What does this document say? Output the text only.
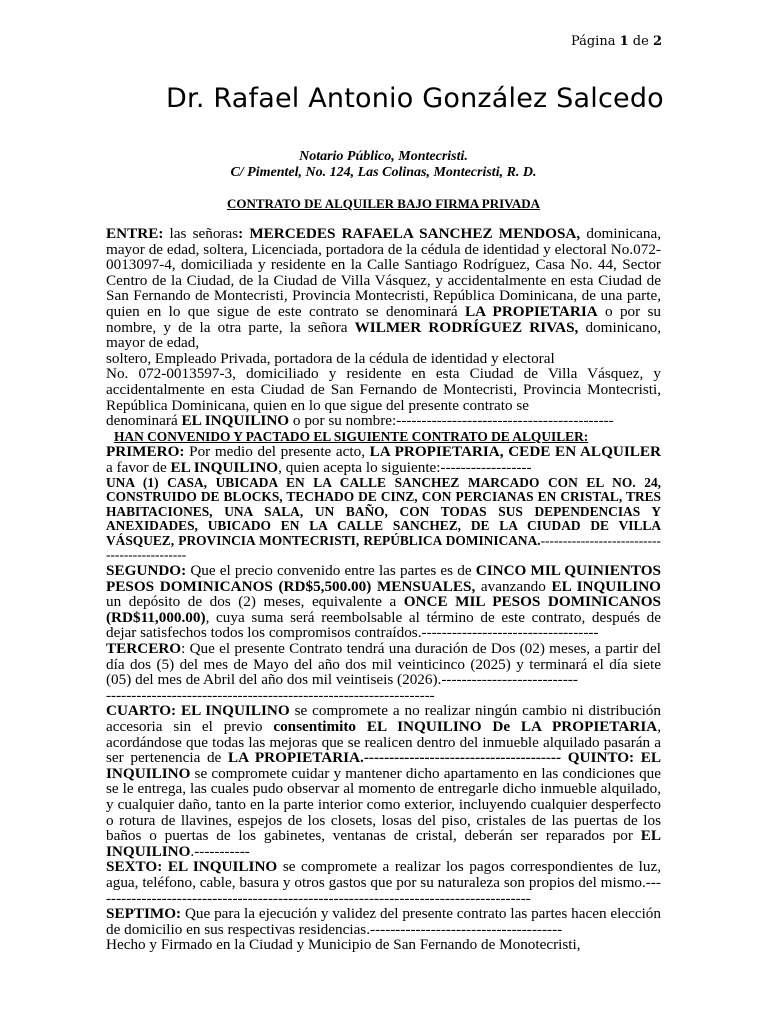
Página 1 de 2
Dr. Rafael Antonio González Salcedo
Notario Público, Montecristi.
C/ Pimentel, No. 124, Las Colinas, Montecristi, R. D.
CONTRATO DE ALQUILER BAJO FIRMA PRIVADA

ENTRE: las señoras: MERCEDES RAFAELA SANCHEZ MENDOSA, dominicana, mayor de edad, soltera, Licenciada, portadora de la cédula de identidad y electoral No.072-0013097-4, domiciliada y residente en la Calle Santiago Rodríguez, Casa No. 44, Sector Centro de la Ciudad, de la Ciudad de Villa Vásquez, y accidentalmente en esta Ciudad de San Fernando de Montecristi, Provincia Montecristi, República Dominicana, de una parte, quien en lo que sigue de este contrato se denominará LA PROPIETARIA o por su nombre, y de la otra parte, la señora WILMER RODRÍGUEZ RIVAS, dominicano, mayor de edad,

soltero, Empleado Privada, portadora de la cédula de identidad y electoral

No. 072-0013597-3, domiciliado y residente en esta Ciudad de Villa Vásquez, y accidentalmente en esta Ciudad de San Fernando de Montecristi, Provincia Montecristi, República Dominicana, quien en lo que sigue del presente contrato se

denominará EL INQUILINO o por su nombre:-------------------------------------------

HAN CONVENIDO Y PACTADO EL SIGUIENTE CONTRATO DE ALQUILER:

PRIMERO: Por medio del presente acto, LA PROPIETARIA, CEDE EN ALQUILER a favor de EL INQUILINO, quien acepta lo siguiente:------------------

UNA (1) CASA, UBICADA EN LA CALLE SANCHEZ MARCADO CON EL NO. 24, CONSTRUIDO DE BLOCKS, TECHADO DE CINZ, CON PERCIANAS EN CRISTAL, TRES HABITACIONES, UNA SALA, UN BAÑO, CON TODAS SUS DEPENDENCIAS Y ANEXIDADES, UBICADO EN LA CALLE SANCHEZ, DE LA CIUDAD DE VILLA VÁSQUEZ, PROVINCIA MONTECRISTI, REPÚBLICA DOMINICANA.---------------------------------------------

SEGUNDO: Que el precio convenido entre las partes es de CINCO MIL QUINIENTOS PESOS DOMINICANOS (RD$5,500.00) MENSUALES, avanzando EL INQUILINO un depósito de dos (2) meses, equivalente a ONCE MIL PESOS DOMINICANOS (RD$11,000.00), cuya suma será reembolsable al término de este contrato, después de dejar satisfechos todos los compromisos contraídos.-----------------------------------

TERCERO: Que el presente Contrato tendrá una duración de Dos (02) meses, a partir del día dos (5) del mes de Mayo del año dos mil veinticinco (2025) y terminará el día siete (05) del mes de Abril del año dos mil veintiseis (2026).---------------------------

-----------------------------------------------------------------

CUARTO: EL INQUILINO se compromete a no realizar ningún cambio ni distribución accesoria sin el previo consentimito EL INQUILINO De LA PROPIETARIA, acordándose que todas las mejoras que se realicen dentro del inmueble alquilado pasarán a ser pertenencia de LA PROPIETARIA.--------------------------------------- QUINTO: EL INQUILINO se compromete cuidar y mantener dicho apartamento en las condiciones que se le entrega, las cuales pudo observar al momento de entregarle dicho inmueble alquilado, y cualquier daño, tanto en la parte interior como exterior, incluyendo cualquier desperfecto o rotura de llavines, espejos de los closets, losas del piso, cristales de las puertas de los baños o puertas de los gabinetes, ventanas de cristal, deberán ser reparados por EL INQUILINO.-----------

SEXTO: EL INQUILINO se compromete a realizar los pagos correspondientes de luz, agua, teléfono, cable, basura y otros gastos que por su naturaleza son propios del mismo.---------------------------------------------------------------------------------------

SEPTIMO: Que para la ejecución y validez del presente contrato las partes hacen elección de domicilio en sus respectivas residencias.--------------------------------------

Hecho y Firmado en la Ciudad y Municipio de San Fernando de Monotecristi,
